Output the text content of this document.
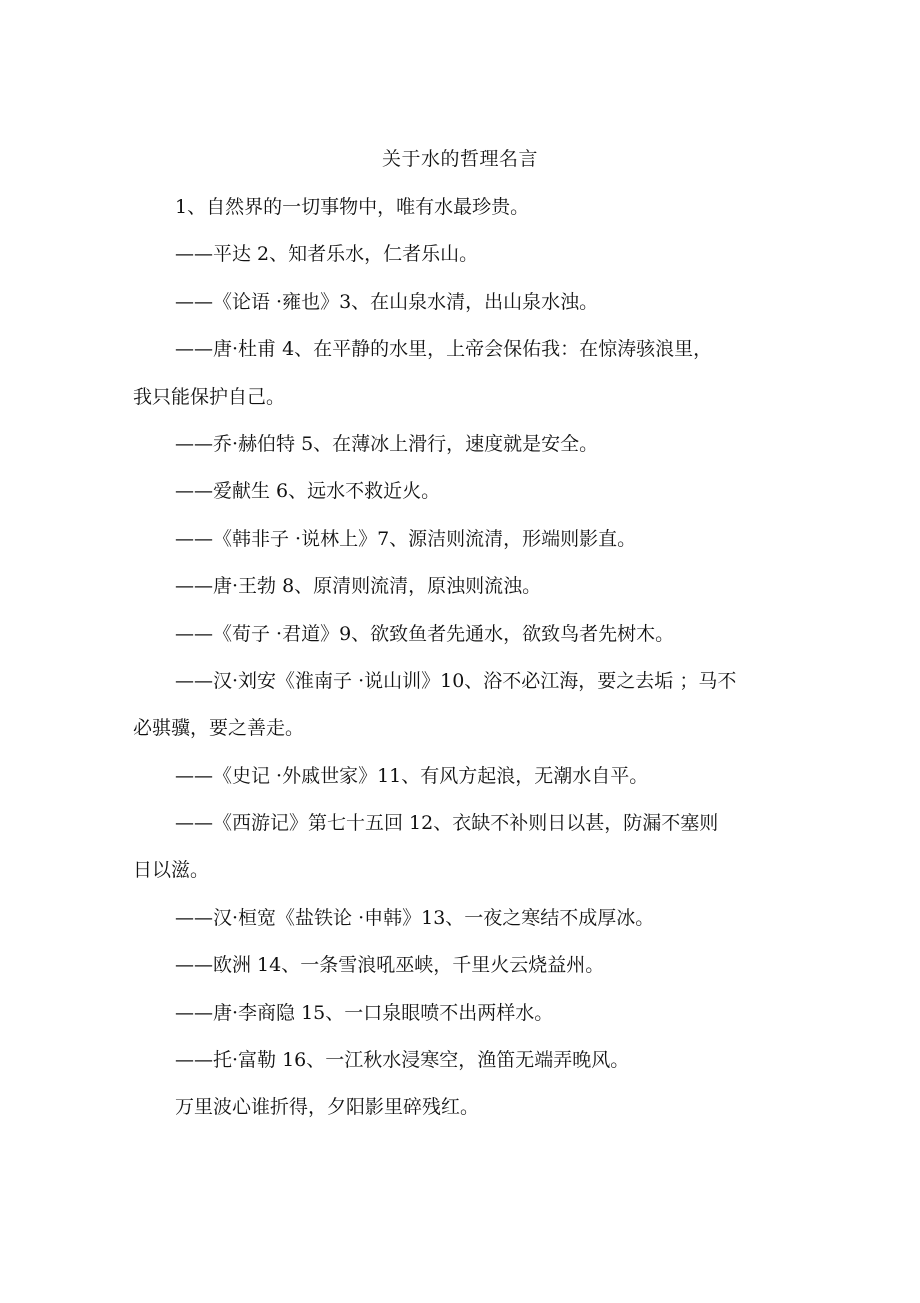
关于水的哲理名言
1、自然界的一切事物中，唯有水最珍贵。
——平达 2、知者乐水，仁者乐山。
——《论语 ·雍也》3、在山泉水清，出山泉水浊。
——唐·杜甫 4、在平静的水里，上帝会保佑我：在惊涛骇浪里，
我只能保护自己。
——乔·赫伯特 5、在薄冰上滑行，速度就是安全。
——爱献生 6、远水不救近火。
——《韩非子 ·说林上》7、源洁则流清，形端则影直。
——唐·王勃 8、原清则流清，原浊则流浊。
——《荀子 ·君道》9、欲致鱼者先通水，欲致鸟者先树木。
——汉·刘安《淮南子 ·说山训》10、浴不必江海，要之去垢 ；马不
必骐骥，要之善走。
——《史记 ·外戚世家》11、有风方起浪，无潮水自平。
——《西游记》第七十五回 12、衣缺不补则日以甚，防漏不塞则
日以滋。
——汉·桓宽《盐铁论 ·申韩》13、一夜之寒结不成厚冰。
——欧洲 14、一条雪浪吼巫峡，千里火云烧益州。
——唐·李商隐 15、一口泉眼喷不出两样水。
——托·富勒 16、一江秋水浸寒空，渔笛无端弄晚风。
万里波心谁折得，夕阳影里碎残红。
